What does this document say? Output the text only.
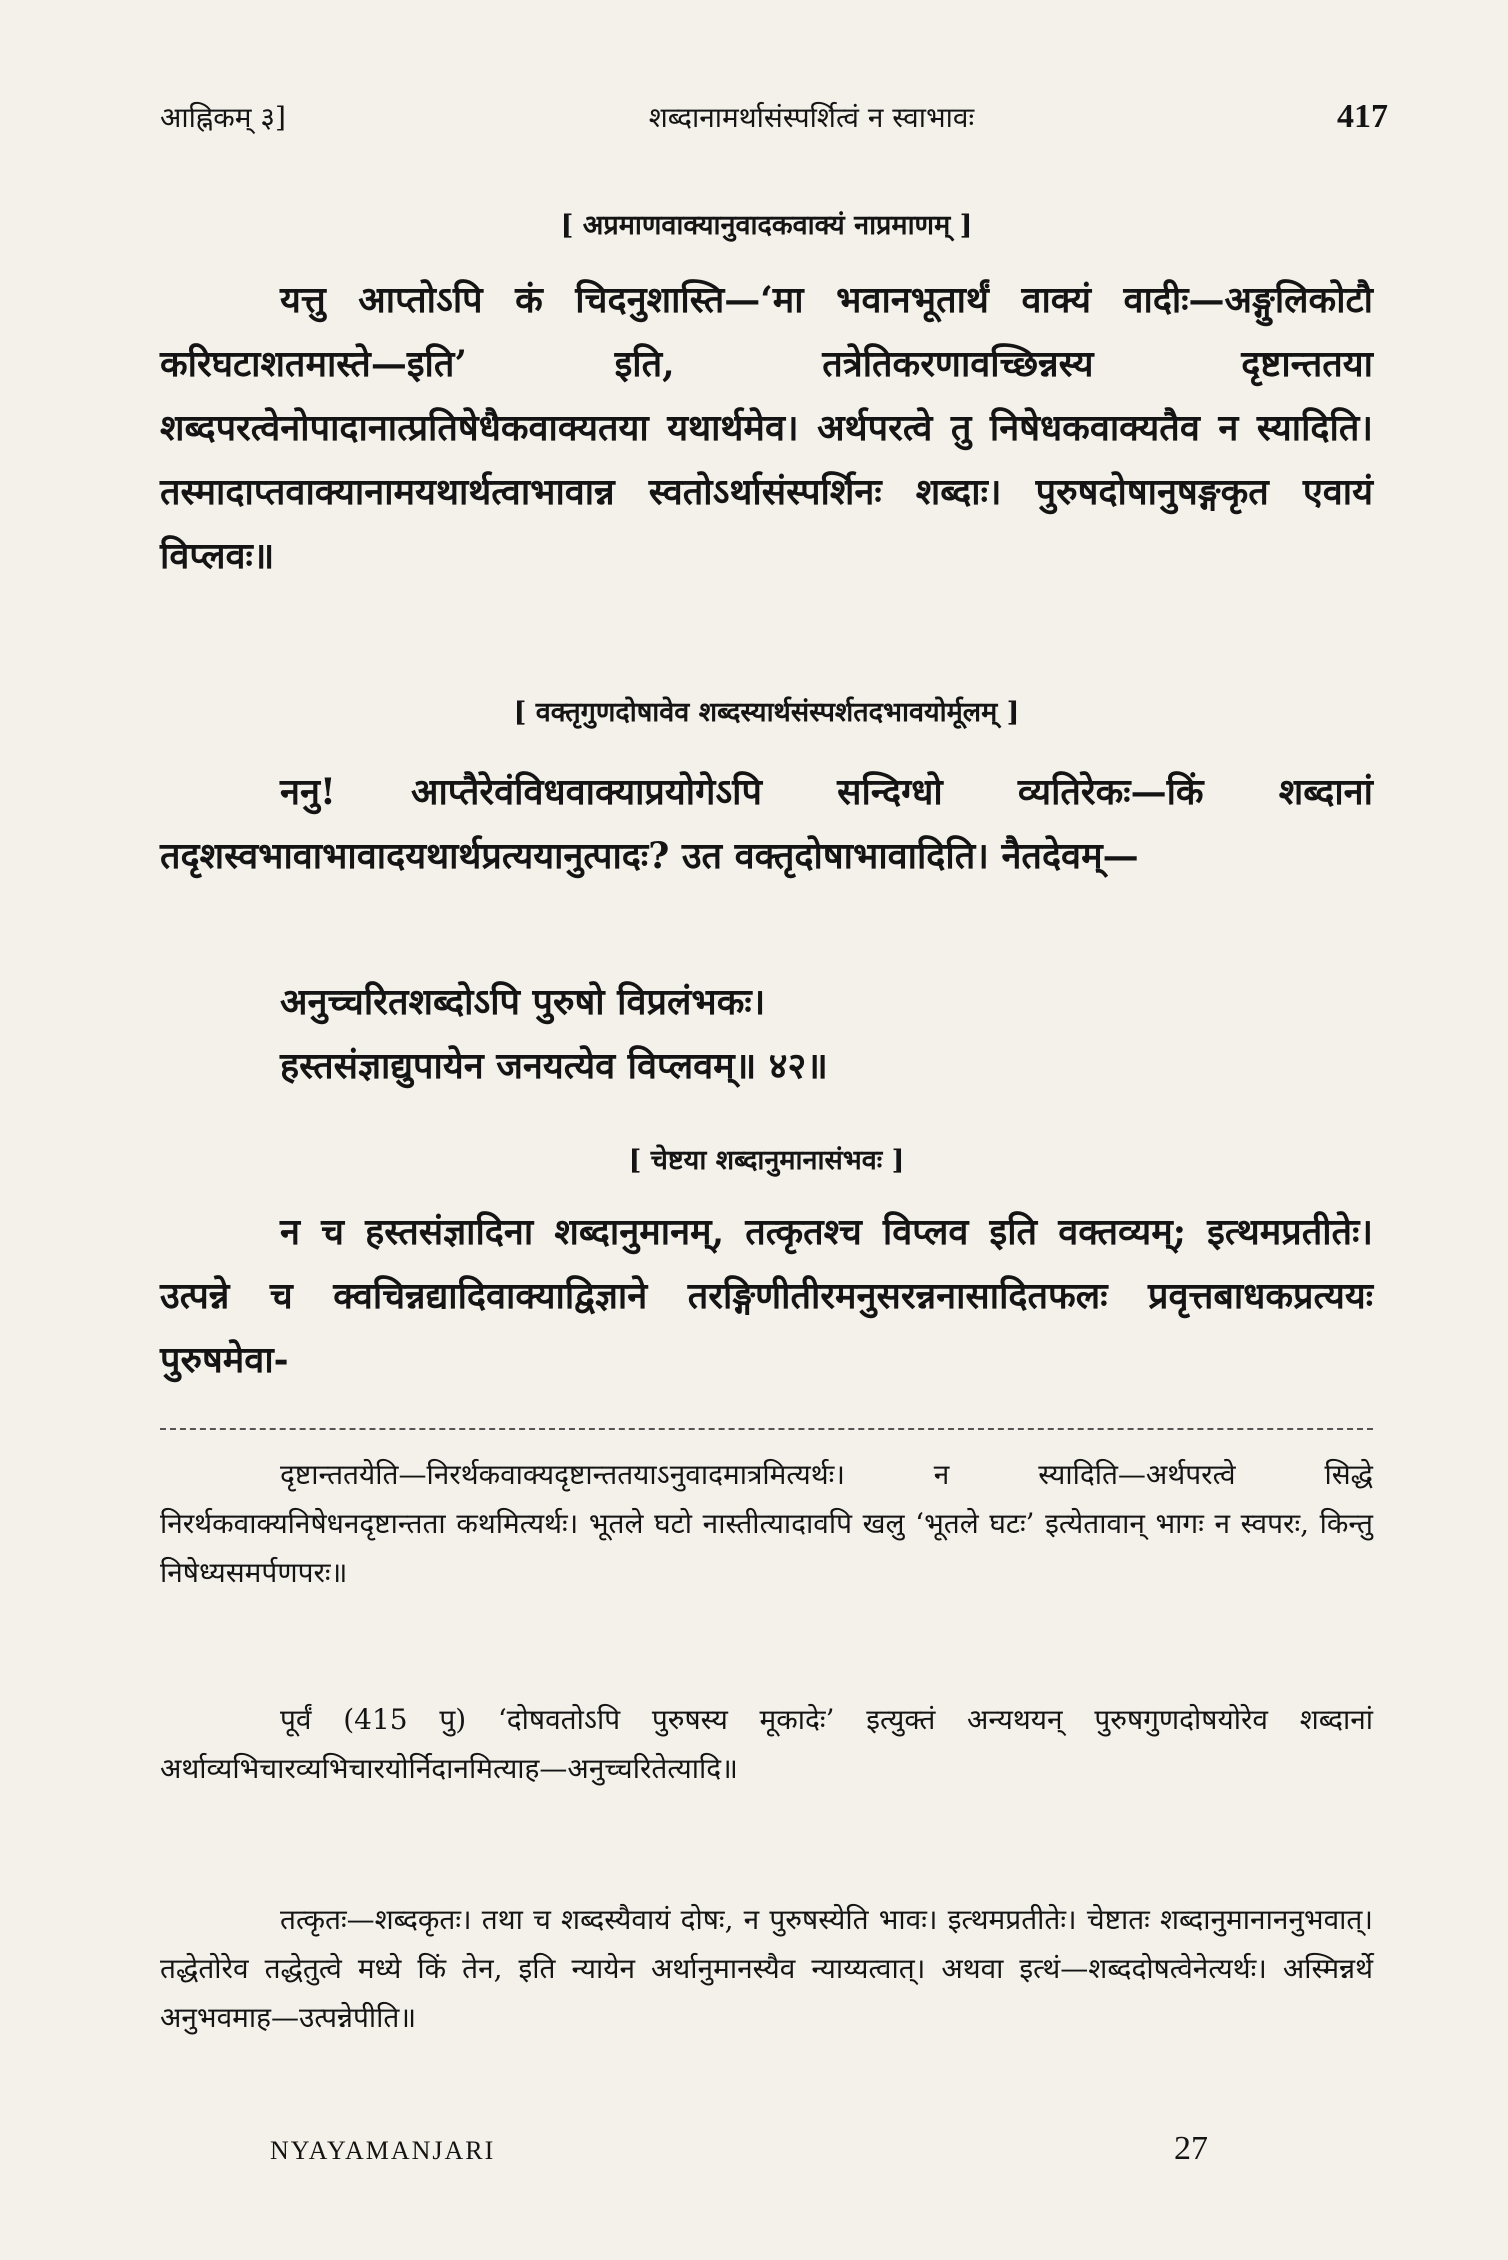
आह्निकम् ३]	शब्दानामर्थासंस्पर्शित्वं न स्वाभावः	417
[ अप्रमाणवाक्यानुवादकवाक्यं नाप्रमाणम् ]
यत्तु आप्तोऽपि कं चिदनुशास्ति—‘मा भवानभूतार्थं वाक्यं वादीः—अङ्गुलिकोटौ करिघटाशतमास्ते—इति’ इति, तत्रेतिकरणावच्छिन्नस्य दृष्टान्ततया शब्दपरत्वेनोपादानात्प्रतिषेधैकवाक्यतया यथार्थमेव। अर्थपरत्वे तु निषेधकवाक्यतैव न स्यादिति। तस्मादाप्तवाक्यानामयथार्थत्वाभावान्न स्वतोऽर्थासंस्पर्शिनः शब्दाः। पुरुषदोषानुषङ्गकृत एवायं विप्लवः॥
[ वक्तृगुणदोषावेव शब्दस्यार्थसंस्पर्शतदभावयोर्मूलम् ]
ननु! आप्तैरेवंविधवाक्याप्रयोगेऽपि सन्दिग्धो व्यतिरेकः—किं शब्दानां तदृशस्वभावाभावादयथार्थप्रत्ययानुत्पादः? उत वक्तृदोषाभावादिति। नैतदेवम्—
अनुच्चरितशब्दोऽपि पुरुषो विप्रलंभकः।
हस्तसंज्ञाद्युपायेन जनयत्येव विप्लवम्॥ ४२॥
[ चेष्टया शब्दानुमानासंभवः ]
न च हस्तसंज्ञादिना शब्दानुमानम्, तत्कृतश्च विप्लव इति वक्तव्यम्; इत्थमप्रतीतेः। उत्पन्ने च क्वचिन्नद्यादिवाक्याद्विज्ञाने तरङ्गिणीतीरमनुसरन्ननासादितफलः प्रवृत्तबाधकप्रत्ययः पुरुषमेवा-
दृष्टान्ततयेति—निरर्थकवाक्यदृष्टान्ततयाऽनुवादमात्रमित्यर्थः। न स्यादिति—अर्थपरत्वे सिद्धे निरर्थकवाक्यनिषेधनदृष्टान्तता कथमित्यर्थः। भूतले घटो नास्तीत्यादावपि खलु ‘भूतले घटः’ इत्येतावान् भागः न स्वपरः, किन्तु निषेध्यसमर्पणपरः॥
पूर्वं (415 पु) ‘दोषवतोऽपि पुरुषस्य मूकादेः’ इत्युक्तं अन्यथयन् पुरुषगुणदोषयोरेव शब्दानां अर्थाव्यभिचारव्यभिचारयोर्निदानमित्याह—अनुच्चरितेत्यादि॥
तत्कृतः—शब्दकृतः। तथा च शब्दस्यैवायं दोषः, न पुरुषस्येति भावः। इत्थमप्रतीतेः। चेष्टातः शब्दानुमानाननुभवात्। तद्धेतोरेव तद्धेतुत्वे मध्ये किं तेन, इति न्यायेन अर्थानुमानस्यैव न्याय्यत्वात्। अथवा इत्थं—शब्ददोषत्वेनेत्यर्थः। अस्मिन्नर्थे अनुभवमाह—उत्पन्नेपीति॥
NYAYAMANJARI	27
